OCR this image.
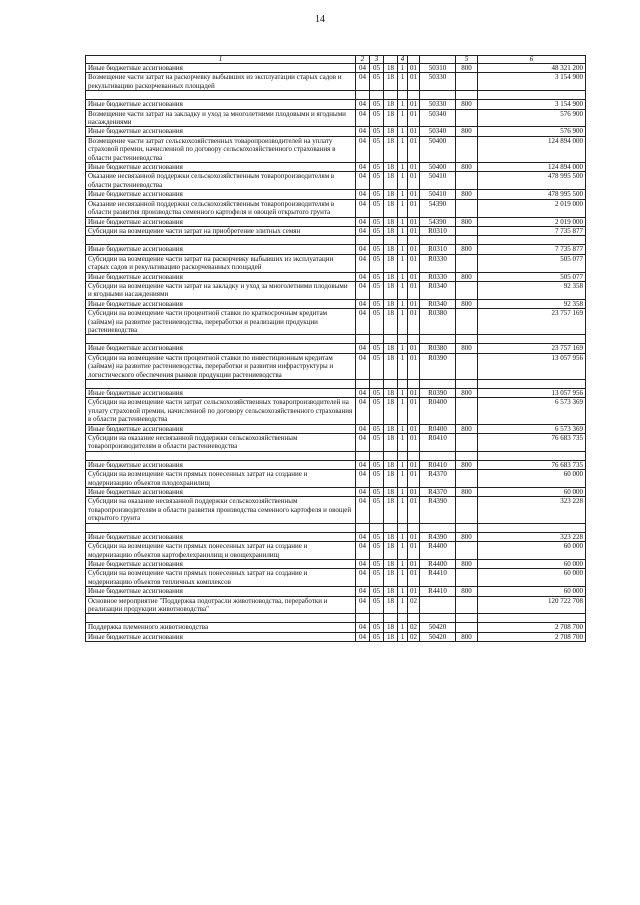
14
1	2	3		4			5	6
Иные бюджетные ассигнования	04	05	18	1	01	50310	800	48 321 200
Возмещение части затрат на раскорчевку выбывших из эксплуатации старых садов и рекультивацию раскорчеванных площадей	04	05	18	1	01	50330		3 154 900

Иные бюджетные ассигнования	04	05	18	1	01	50330	800	3 154 900
Возмещение части затрат на закладку и уход за многолетними плодовыми и ягодными насаждениями	04	05	18	1	01	50340		576 900
Иные бюджетные ассигнования	04	05	18	1	01	50340	800	576 900
Возмещение части затрат сельскохозяйственных товаропроизводителей на уплату страховой премии, начисленной по договору сельскохозяйственного страхования в области растениеводства	04	05	18	1	01	50400		124 894 000
Иные бюджетные ассигнования	04	05	18	1	01	50400	800	124 894 000
Оказание несвязанной поддержки сельскохозяйственным товаропроизводителям в области растениеводства	04	05	18	1	01	50410		478 995 500
Иные бюджетные ассигнования	04	05	18	1	01	50410	800	478 995 500
Оказание несвязанной поддержки сельскохозяйственным товаропроизводителям в области развития производства семенного картофеля и овощей открытого грунта	04	05	18	1	01	54390		2 019 000
Иные бюджетные ассигнования	04	05	18	1	01	54390	800	2 019 000
Субсидии на возмещение части затрат на приобретение элитных семян	04	05	18	1	01	R0310		7 735 877

Иные бюджетные ассигнования	04	05	18	1	01	R0310	800	7 735 877
Субсидии на возмещение части затрат на раскорчевку выбывших из эксплуатации старых садов и рекультивацию раскорчеванных площадей	04	05	18	1	01	R0330		505 077
Иные бюджетные ассигнования	04	05	18	1	01	R0330	800	505 077
Субсидии на возмещение части затрат на закладку и уход за многолетними плодовыми и ягодными насаждениями	04	05	18	1	01	R0340		92 358
Иные бюджетные ассигнования	04	05	18	1	01	R0340	800	92 358
Субсидии на возмещение части процентной ставки по краткосрочным кредитам (займам) на развитие растениеводства, переработки и реализации продукции растениеводства	04	05	18	1	01	R0380		23 757 169

Иные бюджетные ассигнования	04	05	18	1	01	R0380	800	23 757 169
Субсидии на возмещение части процентной ставки по инвестиционным кредитам (займам) на развитие растениеводства, переработки и развития инфраструктуры и логистического обеспечения рынков продукции растениеводства	04	05	18	1	01	R0390		13 057 956

Иные бюджетные ассигнования	04	05	18	1	01	R0390	800	13 057 956
Субсидии на возмещение части затрат сельскохозяйственных товаропроизводителей на уплату страховой премии, начисленной по договору сельскохозяйственного страхования в области растениеводства	04	05	18	1	01	R0400		6 573 369
Иные бюджетные ассигнования	04	05	18	1	01	R0400	800	6 573 369
Субсидии на оказание несвязанной поддержки сельскохозяйственным товаропроизводителям в области растениеводства	04	05	18	1	01	R0410		76 683 735

Иные бюджетные ассигнования	04	05	18	1	01	R0410	800	76 683 735
Субсидии на возмещение части прямых понесенных затрат на создание и модернизацию объектов плодохранилищ	04	05	18	1	01	R4370		60 000
Иные бюджетные ассигнования	04	05	18	1	01	R4370	800	60 000
Субсидии на оказание несвязанной поддержки сельскохозяйственным товаропроизводителям в области развития производства семенного картофеля и овощей открытого грунта	04	05	18	1	01	R4390		323 228

Иные бюджетные ассигнования	04	05	18	1	01	R4390	800	323 228
Субсидии на возмещение части прямых понесенных затрат на создание и модернизацию объектов картофелехранилищ и овощехранилищ	04	05	18	1	01	R4400		60 000
Иные бюджетные ассигнования	04	05	18	1	01	R4400	800	60 000
Субсидии на возмещение части прямых понесенных затрат на создание и модернизацию объектов тепличных комплексов	04	05	18	1	01	R4410		60 000
Иные бюджетные ассигнования	04	05	18	1	01	R4410	800	60 000
Основное мероприятие "Поддержка подотрасли животноводства, переработки и реализации продукции животноводства"	04	05	18	1	02			120 722 708

Поддержка племенного животноводства	04	05	18	1	02	50420		2 708 700
Иные бюджетные ассигнования	04	05	18	1	02	50420	800	2 708 700
